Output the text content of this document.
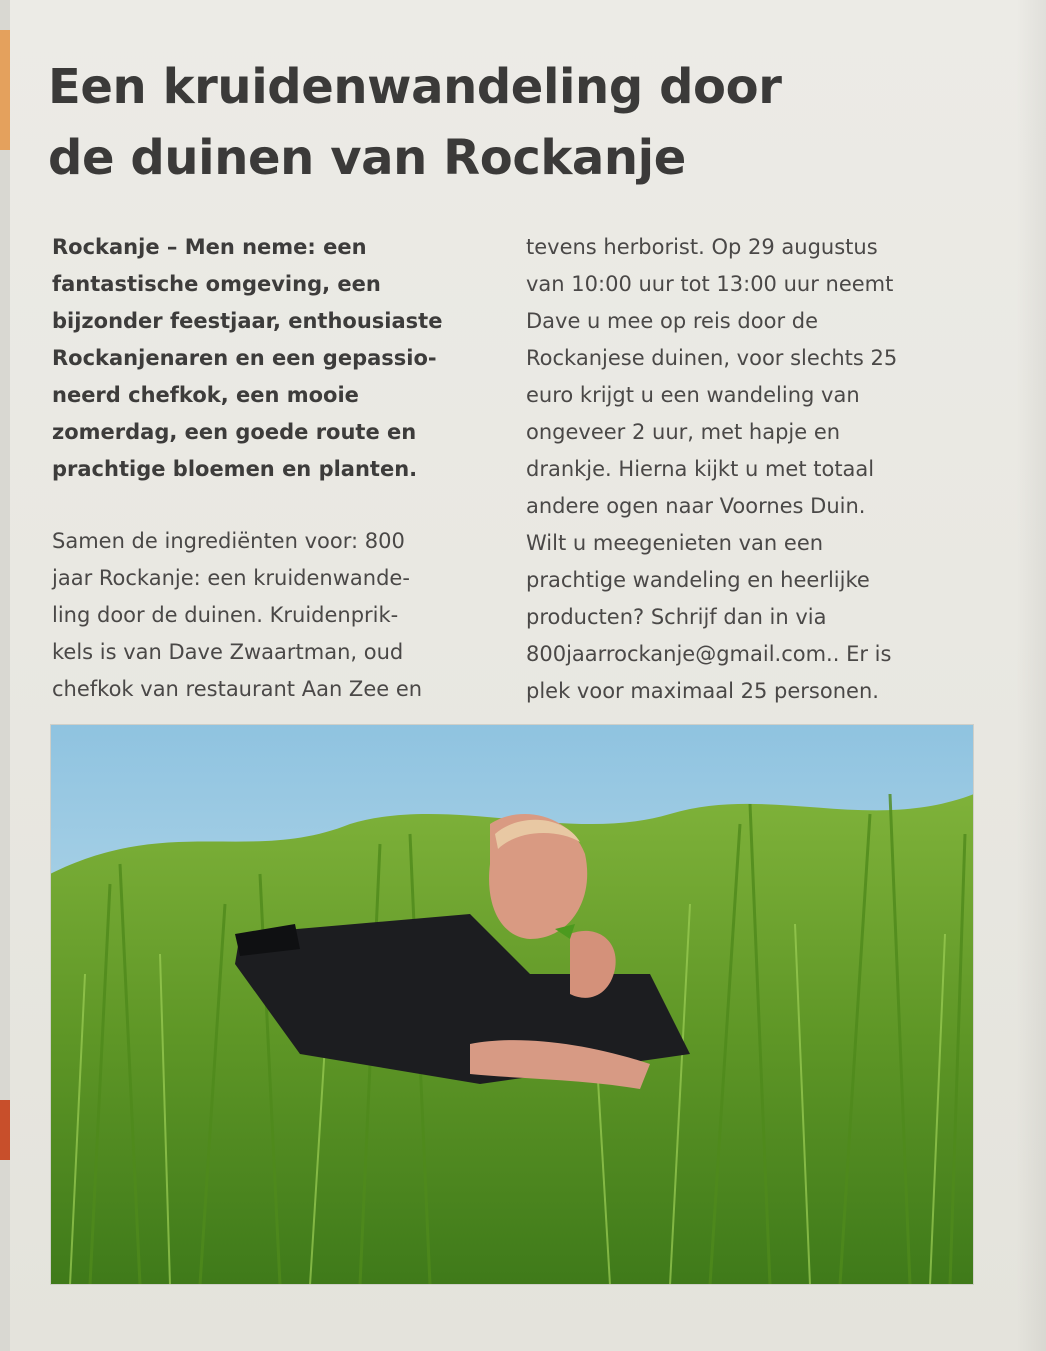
Een kruidenwandeling door
de duinen van Rockanje

Rockanje – Men neme: een
fantastische omgeving, een
bijzonder feestjaar, enthousiaste
Rockanjenaren en een gepassio-
neerd chefkok, een mooie
zomerdag, een goede route en
prachtige bloemen en planten.

Samen de ingrediënten voor: 800
jaar Rockanje: een kruidenwande-
ling door de duinen. Kruidenprik-
kels is van Dave Zwaartman, oud
chefkok van restaurant Aan Zee en

tevens herborist. Op 29 augustus
van 10:00 uur tot 13:00 uur neemt
Dave u mee op reis door de
Rockanjese duinen, voor slechts 25
euro krijgt u een wandeling van
ongeveer 2 uur, met hapje en
drankje. Hierna kijkt u met totaal
andere ogen naar Voornes Duin.
Wilt u meegenieten van een
prachtige wandeling en heerlijke
producten? Schrijf dan in via
800jaarrockanje@gmail.com.. Er is
plek voor maximaal 25 personen.
